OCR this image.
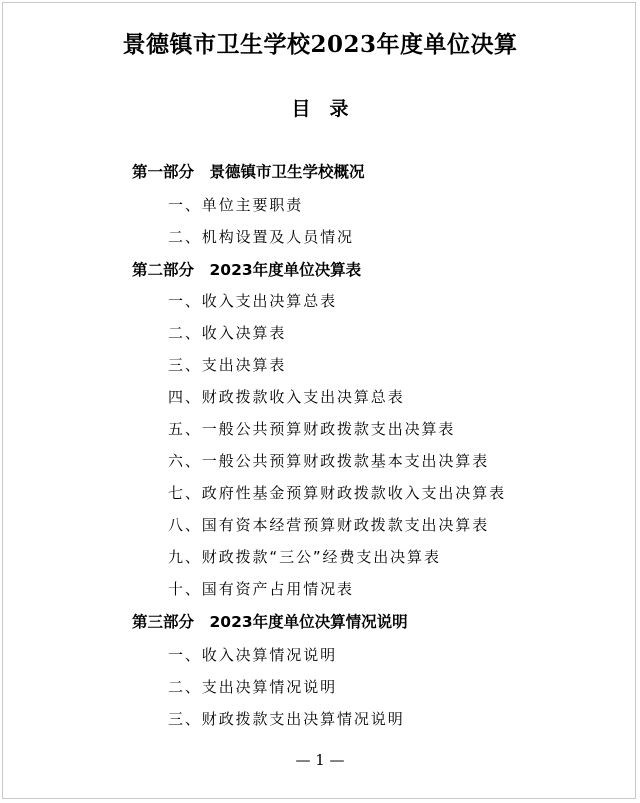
景德镇市卫生学校2023年度单位决算
目　录
第一部分　景德镇市卫生学校概况
一、单位主要职责
二、机构设置及人员情况
第二部分　2023年度单位决算表
一、收入支出决算总表
二、收入决算表
三、支出决算表
四、财政拨款收入支出决算总表
五、一般公共预算财政拨款支出决算表
六、一般公共预算财政拨款基本支出决算表
七、政府性基金预算财政拨款收入支出决算表
八、国有资本经营预算财政拨款支出决算表
九、财政拨款“三公”经费支出决算表
十、国有资产占用情况表
第三部分　2023年度单位决算情况说明
一、收入决算情况说明
二、支出决算情况说明
三、财政拨款支出决算情况说明
— 1 —
